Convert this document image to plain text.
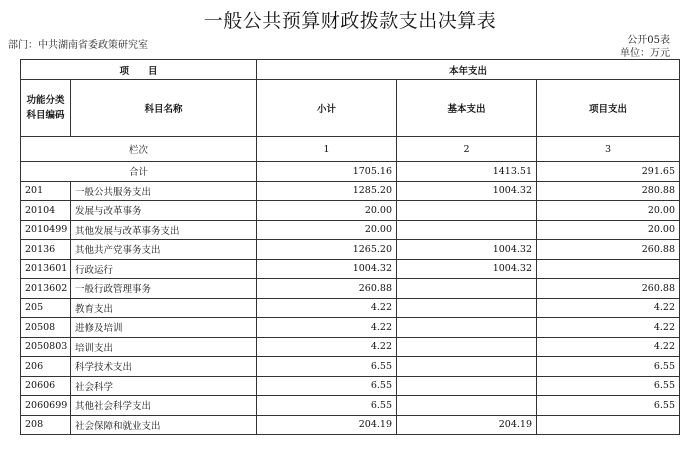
一般公共预算财政拨款支出决算表
部门：中共湖南省委政策研究室	公开05表
单位：万元
项　　目		本年支出		
功能分类科目编码	科目名称	小计	基本支出	项目支出
栏次		1	2	3
合计		1705.16	1413.51	291.65
201	一般公共服务支出	1285.20	1004.32	280.88
20104	发展与改革事务	20.00		20.00
2010499	其他发展与改革事务支出	20.00		20.00
20136	其他共产党事务支出	1265.20	1004.32	260.88
2013601	行政运行	1004.32	1004.32	
2013602	一般行政管理事务	260.88		260.88
205	教育支出	4.22		4.22
20508	进修及培训	4.22		4.22
2050803	培训支出	4.22		4.22
206	科学技术支出	6.55		6.55
20606	社会科学	6.55		6.55
2060699	其他社会科学支出	6.55		6.55
208	社会保障和就业支出	204.19	204.19	
